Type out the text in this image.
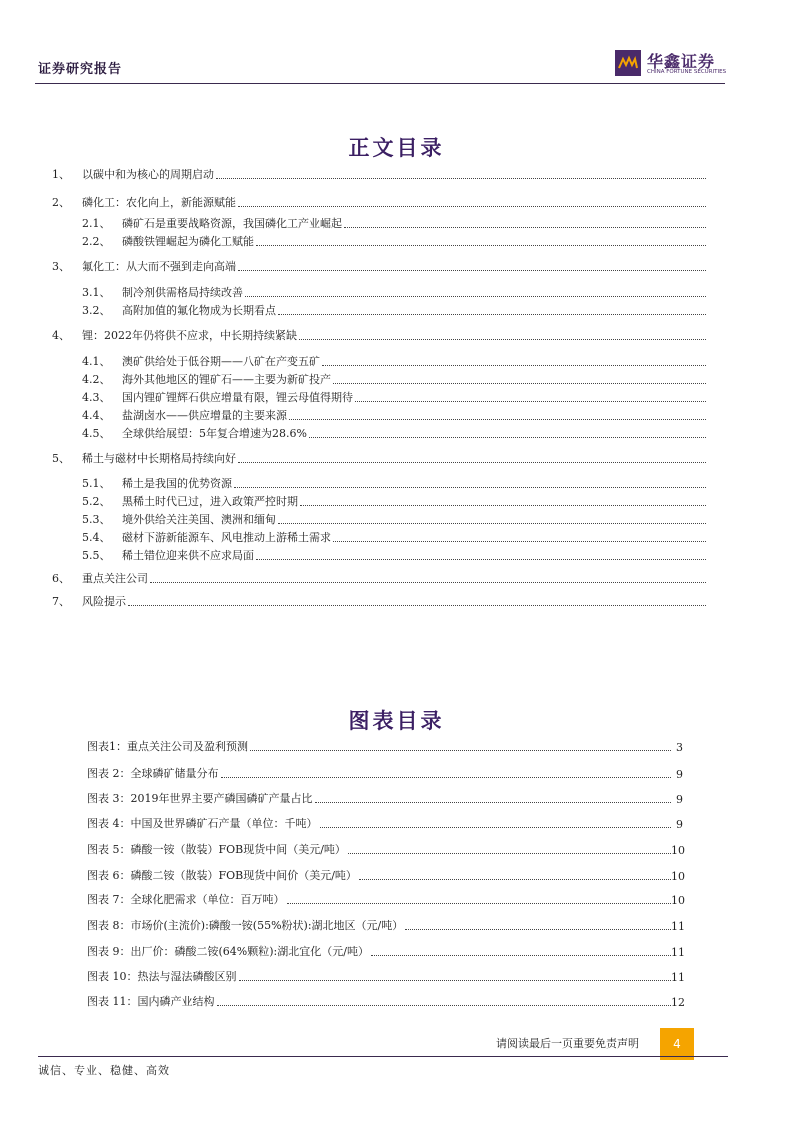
证券研究报告	华鑫证券
CHINA FORTUNE SECURITIES
正文目录
1、	以碳中和为核心的周期启动
2、	磷化工：农化向上，新能源赋能
2.1、	磷矿石是重要战略资源，我国磷化工产业崛起
2.2、	磷酸铁锂崛起为磷化工赋能
3、	氟化工：从大而不强到走向高端
3.1、	制冷剂供需格局持续改善
3.2、	高附加值的氟化物成为长期看点
4、	锂：2022年仍将供不应求，中长期持续紧缺
4.1、	澳矿供给处于低谷期——八矿在产变五矿
4.2、	海外其他地区的锂矿石——主要为新矿投产
4.3、	国内锂矿锂辉石供应增量有限，锂云母值得期待
4.4、	盐湖卤水——供应增量的主要来源
4.5、	全球供给展望：5年复合增速为28.6%
5、	稀土与磁材中长期格局持续向好
5.1、	稀土是我国的优势资源
5.2、	黑稀土时代已过，进入政策严控时期
5.3、	境外供给关注美国、澳洲和缅甸
5.4、	磁材下游新能源车、风电推动上游稀土需求
5.5、	稀土错位迎来供不应求局面
6、	重点关注公司
7、	风险提示
图表目录
图表1：重点关注公司及盈利预测	3
图表 2：全球磷矿储量分布	9
图表 3：2019年世界主要产磷国磷矿产量占比	9
图表 4：中国及世界磷矿石产量（单位：千吨）	9
图表 5：磷酸一铵（散装）FOB现货中间（美元/吨）	10
图表 6：磷酸二铵（散装）FOB现货中间价（美元/吨）	10
图表 7：全球化肥需求（单位：百万吨）	10
图表 8：市场价(主流价):磷酸一铵(55%粉状):湖北地区（元/吨）	11
图表 9：出厂价：磷酸二铵(64%颗粒):湖北宜化（元/吨）	11
图表 10：热法与湿法磷酸区别	11
图表 11：国内磷产业结构	12
请阅读最后一页重要免责声明	4
诚信、专业、稳健、高效
